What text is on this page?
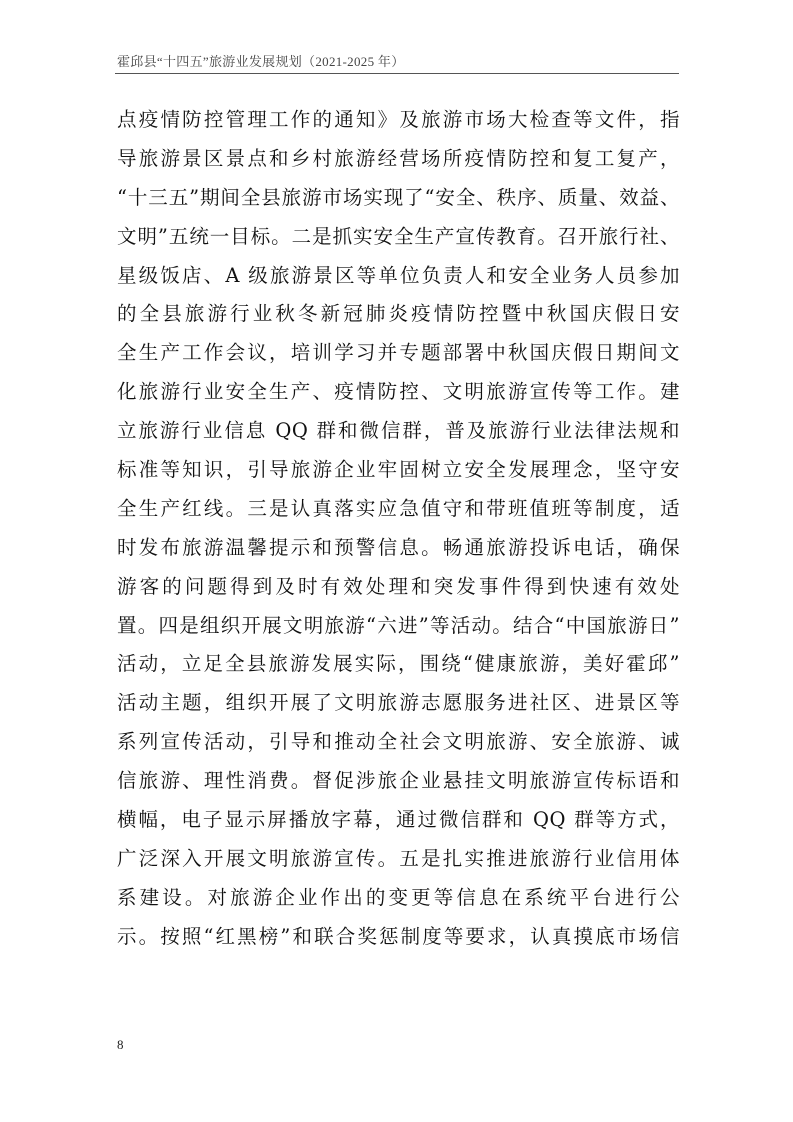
霍邱县“十四五”旅游业发展规划（2021-2025 年）
点疫情防控管理工作的通知》及旅游市场大检查等文件，指
导旅游景区景点和乡村旅游经营场所疫情防控和复工复产，
“十三五”期间全县旅游市场实现了“安全、秩序、质量、效益、
文明”五统一目标。二是抓实安全生产宣传教育。召开旅行社、
星级饭店、A 级旅游景区等单位负责人和安全业务人员参加
的全县旅游行业秋冬新冠肺炎疫情防控暨中秋国庆假日安
全生产工作会议，培训学习并专题部署中秋国庆假日期间文
化旅游行业安全生产、疫情防控、文明旅游宣传等工作。建
立旅游行业信息 QQ 群和微信群，普及旅游行业法律法规和
标准等知识，引导旅游企业牢固树立安全发展理念，坚守安
全生产红线。三是认真落实应急值守和带班值班等制度，适
时发布旅游温馨提示和预警信息。畅通旅游投诉电话，确保
游客的问题得到及时有效处理和突发事件得到快速有效处
置。四是组织开展文明旅游“六进”等活动。结合“中国旅游日”
活动，立足全县旅游发展实际，围绕“健康旅游，美好霍邱”
活动主题，组织开展了文明旅游志愿服务进社区、进景区等
系列宣传活动，引导和推动全社会文明旅游、安全旅游、诚
信旅游、理性消费。督促涉旅企业悬挂文明旅游宣传标语和
横幅，电子显示屏播放字幕，通过微信群和 QQ 群等方式，
广泛深入开展文明旅游宣传。五是扎实推进旅游行业信用体
系建设。对旅游企业作出的变更等信息在系统平台进行公
示。按照“红黑榜”和联合奖惩制度等要求，认真摸底市场信
8
